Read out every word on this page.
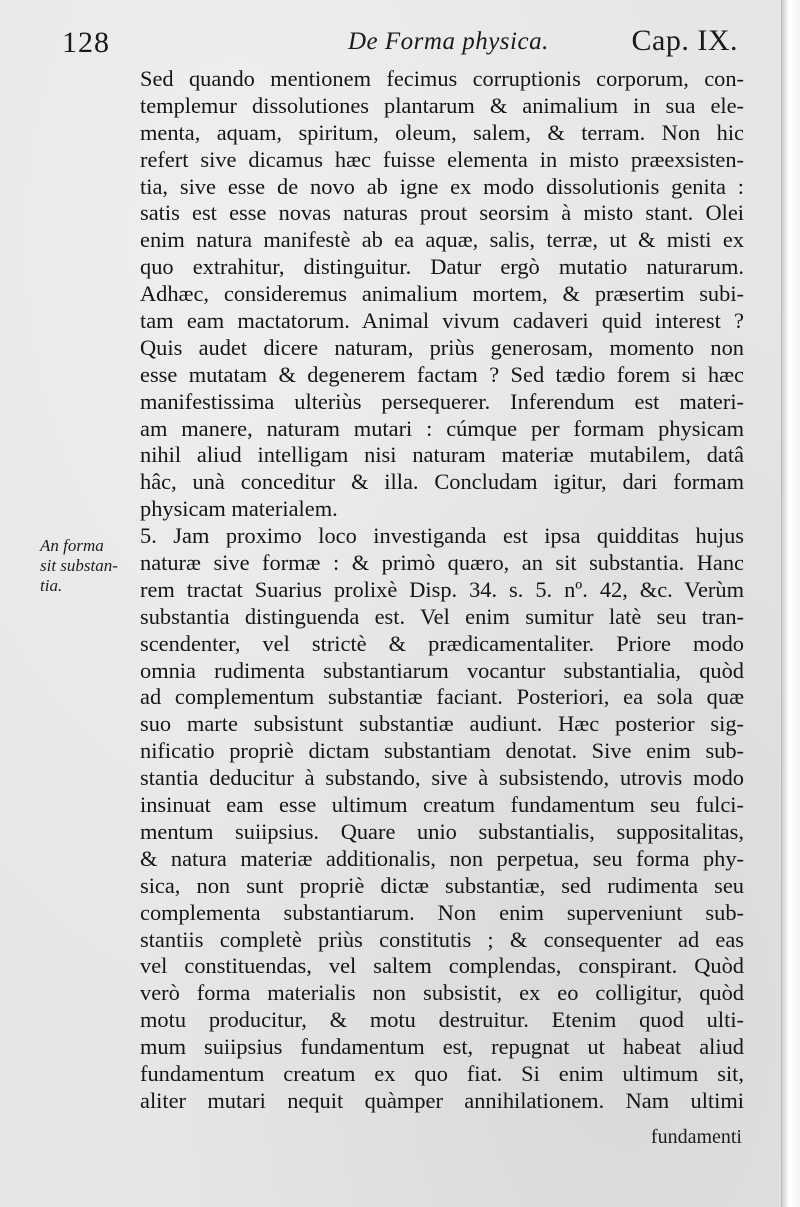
128	De Forma physica.	Cap. IX.
An forma
sit substan-
tia.
Sed quando mentionem fecimus corruptionis corporum, con-
templemur dissolutiones plantarum & animalium in sua ele-
menta, aquam, spiritum, oleum, salem, & terram. Non hic
refert sive dicamus hæc fuisse elementa in misto præexsisten-
tia, sive esse de novo ab igne ex modo dissolutionis genita :
satis est esse novas naturas prout seorsim à misto stant. Olei
enim natura manifestè ab ea aquæ, salis, terræ, ut & misti ex
quo extrahitur, distinguitur. Datur ergò mutatio naturarum.
Adhæc, consideremus animalium mortem, & præsertim subi-
tam eam mactatorum. Animal vivum cadaveri quid interest ?
Quis audet dicere naturam, priùs generosam, momento non
esse mutatam & degenerem factam ? Sed tædio forem si hæc
manifestissima ulteriùs persequerer. Inferendum est materi-
am manere, naturam mutari : cúmque per formam physicam
nihil aliud intelligam nisi naturam materiæ mutabilem, datâ
hâc, unà conceditur & illa. Concludam igitur, dari formam
physicam materialem.
5. Jam proximo loco investiganda est ipsa quidditas hujus
naturæ sive formæ : & primò quæro, an sit substantia. Hanc
rem tractat Suarius prolixè Disp. 34. s. 5. nº. 42, &c. Verùm
substantia distinguenda est. Vel enim sumitur latè seu tran-
scendenter, vel strictè & prædicamentaliter. Priore modo
omnia rudimenta substantiarum vocantur substantialia, quòd
ad complementum substantiæ faciant. Posteriori, ea sola quæ
suo marte subsistunt substantiæ audiunt. Hæc posterior sig-
nificatio propriè dictam substantiam denotat. Sive enim sub-
stantia deducitur à substando, sive à subsistendo, utrovis modo
insinuat eam esse ultimum creatum fundamentum seu fulci-
mentum suiipsius. Quare unio substantialis, suppositalitas,
& natura materiæ additionalis, non perpetua, seu forma phy-
sica, non sunt propriè dictæ substantiæ, sed rudimenta seu
complementa substantiarum. Non enim superveniunt sub-
stantiis completè priùs constitutis ; & consequenter ad eas
vel constituendas, vel saltem complendas, conspirant. Quòd
verò forma materialis non subsistit, ex eo colligitur, quòd
motu producitur, & motu destruitur. Etenim quod ulti-
mum suiipsius fundamentum est, repugnat ut habeat aliud
fundamentum creatum ex quo fiat. Si enim ultimum sit,
aliter mutari nequit quàmper annihilationem. Nam ultimi
fundamenti
